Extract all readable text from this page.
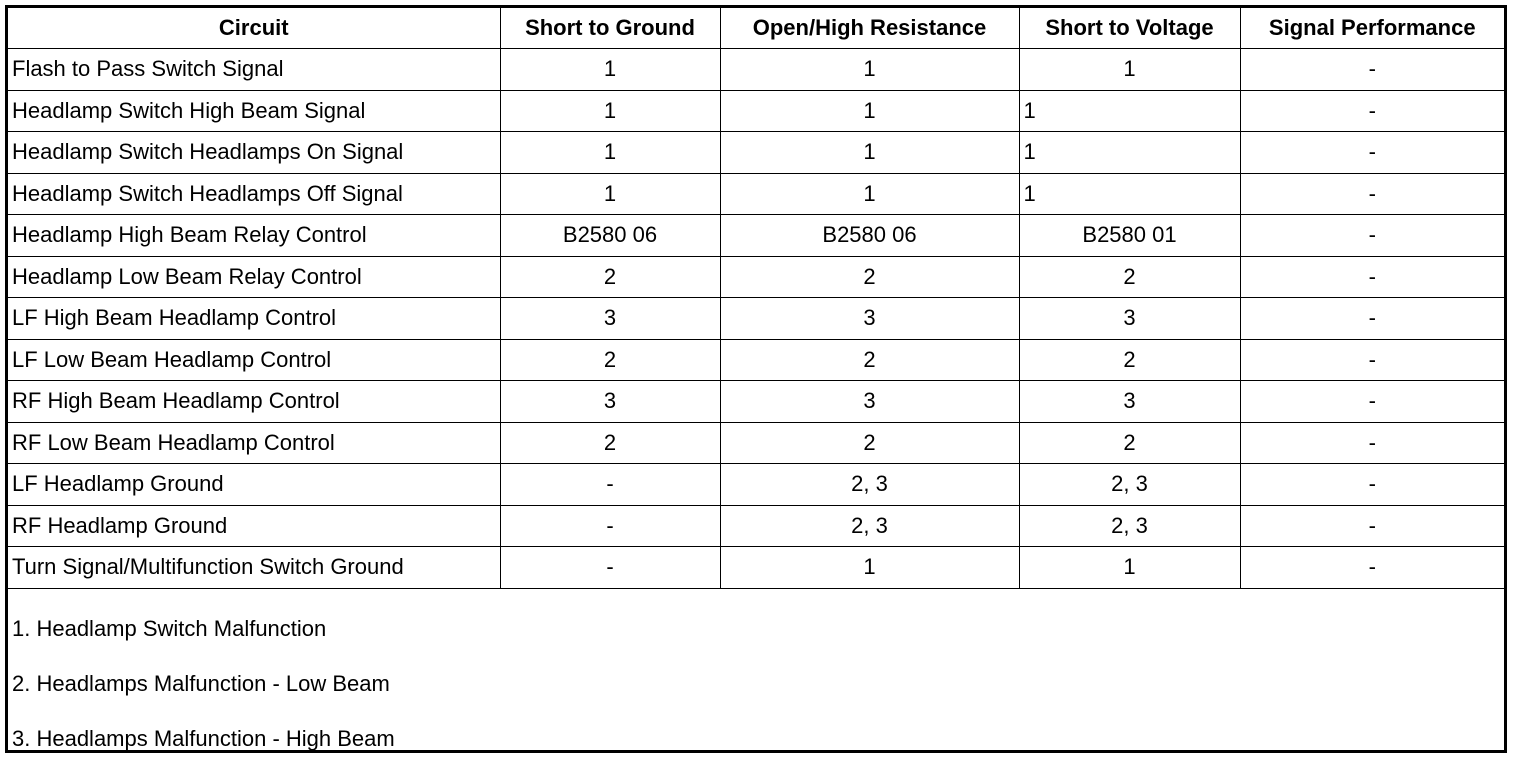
Circuit	Short to Ground	Open/High Resistance	Short to Voltage	Signal Performance
Flash to Pass Switch Signal	1	1	1	-
Headlamp Switch High Beam Signal	1	1	1	-
Headlamp Switch Headlamps On Signal	1	1	1	-
Headlamp Switch Headlamps Off Signal	1	1	1	-
Headlamp High Beam Relay Control	B2580 06	B2580 06	B2580 01	-
Headlamp Low Beam Relay Control	2	2	2	-
LF High Beam Headlamp Control	3	3	3	-
LF Low Beam Headlamp Control	2	2	2	-
RF High Beam Headlamp Control	3	3	3	-
RF Low Beam Headlamp Control	2	2	2	-
LF Headlamp Ground	-	2, 3	2, 3	-
RF Headlamp Ground	-	2, 3	2, 3	-
Turn Signal/Multifunction Switch Ground	-	1	1	-
1. Headlamp Switch Malfunction
2. Headlamps Malfunction - Low Beam
3. Headlamps Malfunction - High Beam
